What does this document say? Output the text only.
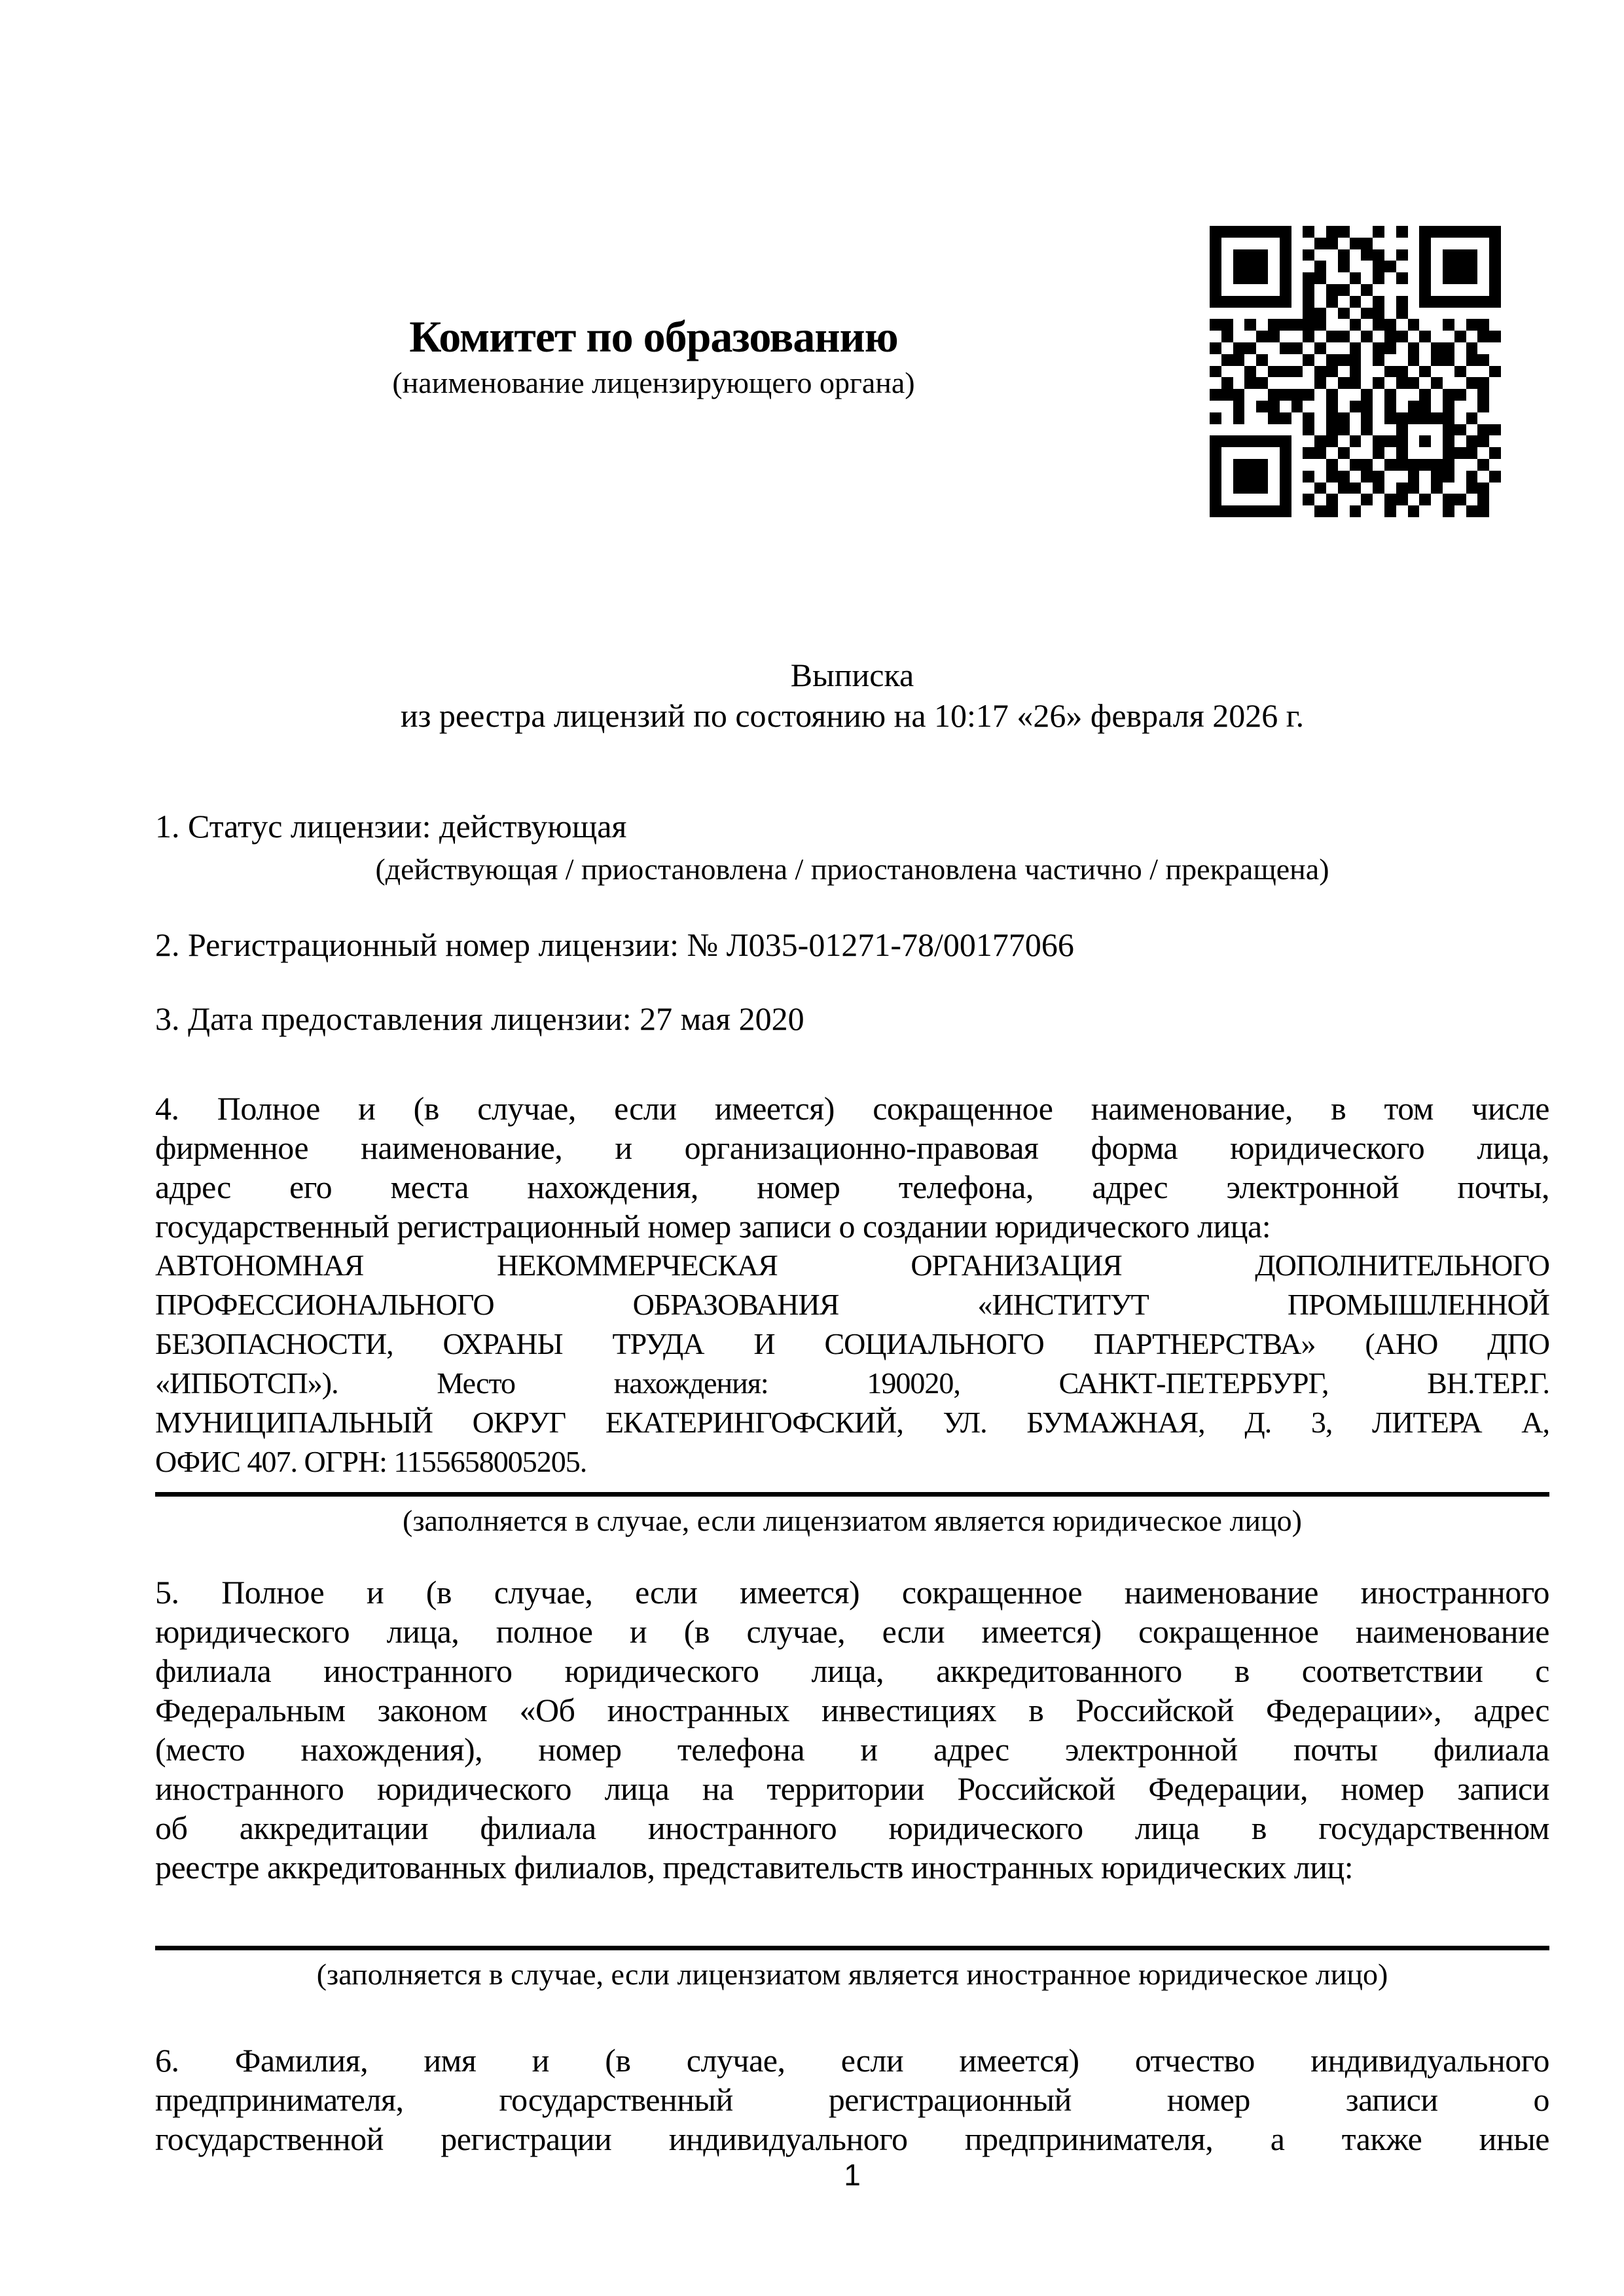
Комитет по образованию
(наименование лицензирующего органа)
Выписка
из реестра лицензий по состоянию на 10:17 «26» февраля 2026 г.
1. Статус лицензии: действующая
(действующая / приостановлена / приостановлена частично / прекращена)
2. Регистрационный номер лицензии: № Л035-01271-78/00177066
3. Дата предоставления лицензии: 27 мая 2020
4. Полное и (в случае, если имеется) сокращенное наименование, в том числе
фирменное наименование, и организационно-правовая форма юридического лица,
адрес его места нахождения, номер телефона, адрес электронной почты,
государственный регистрационный номер записи о создании юридического лица:
АВТОНОМНАЯ НЕКОММЕРЧЕСКАЯ ОРГАНИЗАЦИЯ ДОПОЛНИТЕЛЬНОГО
ПРОФЕССИОНАЛЬНОГО ОБРАЗОВАНИЯ «ИНСТИТУТ ПРОМЫШЛЕННОЙ
БЕЗОПАСНОСТИ, ОХРАНЫ ТРУДА И СОЦИАЛЬНОГО ПАРТНЕРСТВА» (АНО ДПО
«ИПБОТСП»). Место нахождения: 190020, САНКТ-ПЕТЕРБУРГ, ВН.ТЕР.Г.
МУНИЦИПАЛЬНЫЙ ОКРУГ ЕКАТЕРИНГОФСКИЙ, УЛ. БУМАЖНАЯ, Д. 3, ЛИТЕРА А,
ОФИС 407. ОГРН: 1155658005205.
(заполняется в случае, если лицензиатом является юридическое лицо)
5. Полное и (в случае, если имеется) сокращенное наименование иностранного
юридического лица, полное и (в случае, если имеется) сокращенное наименование
филиала иностранного юридического лица, аккредитованного в соответствии с
Федеральным законом «Об иностранных инвестициях в Российской Федерации», адрес
(место нахождения), номер телефона и адрес электронной почты филиала
иностранного юридического лица на территории Российской Федерации, номер записи
об аккредитации филиала иностранного юридического лица в государственном
реестре аккредитованных филиалов, представительств иностранных юридических лиц:
(заполняется в случае, если лицензиатом является иностранное юридическое лицо)
6. Фамилия, имя и (в случае, если имеется) отчество индивидуального
предпринимателя, государственный регистрационный номер записи о
государственной регистрации индивидуального предпринимателя, а также иные
1
